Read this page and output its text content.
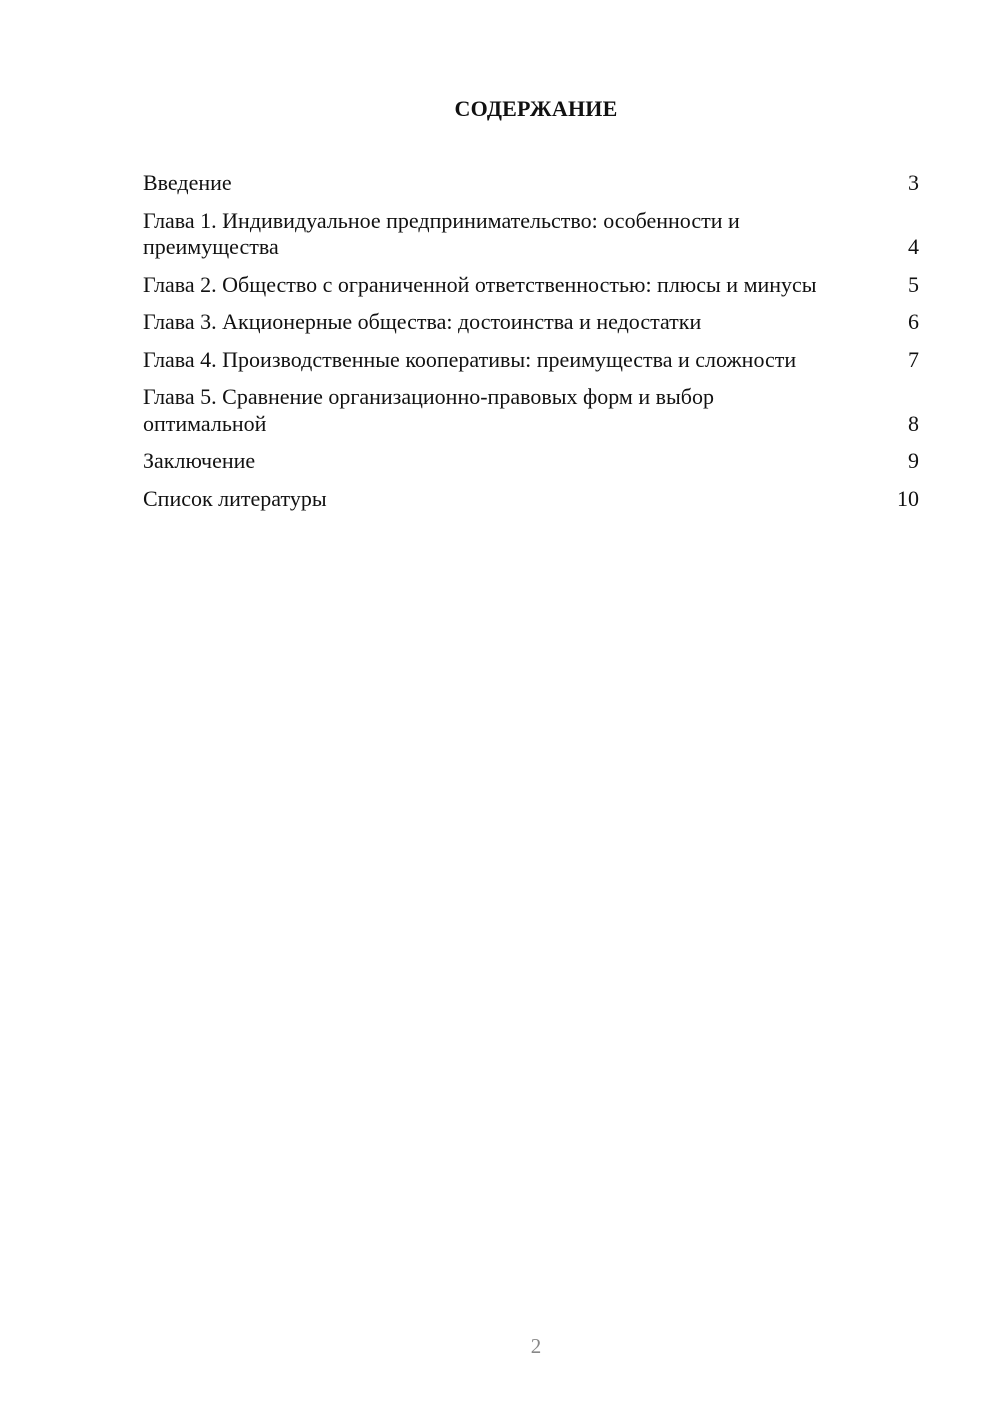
СОДЕРЖАНИЕ
Введение	3
Глава 1. Индивидуальное предпринимательство: особенности и преимущества	4
Глава 2. Общество с ограниченной ответственностью: плюсы и минусы	5
Глава 3. Акционерные общества: достоинства и недостатки	6
Глава 4. Производственные кооперативы: преимущества и сложности	7
Глава 5. Сравнение организационно-правовых форм и выбор оптимальной	8
Заключение	9
Список литературы	10
2
